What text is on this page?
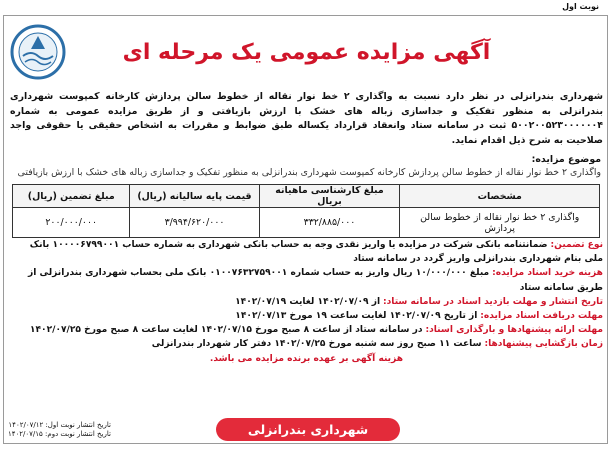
نوبت اول
آگهی مزایده عمومی یک مرحله ای
شهرداری بندرانزلی در نظر دارد نسبت به واگذاری ۲ خط نوار نقاله از خطوط سالن پردازش کارخانه کمپوست شهرداری بندرانزلی به منظور تفکیک و جداسازی زباله های خشک با ارزش بازیافتی و از طریق مزایده عمومی به شماره ۵۰۰۲۰۰۵۲۳۰۰۰۰۰۰۴ ثبت در سامانه ستاد وانعقاد قرارداد یکساله طبق ضوابط و مقررات به اشخاص حقیقی یا حقوقی واجد صلاحیت به شرح ذیل اقدام نماید.
موضوع مزایده:
واگذاری ۲ خط نوار نقاله از خطوط سالن پردازش کارخانه کمپوست شهرداری بندرانزلی به منظور تفکیک و جداسازی زباله های خشک با ارزش بازیافتی
مشخصات	مبلغ کارشناسی ماهیانه بریال	قیمت پایه سالیانه (ریال)	مبلغ تضمین (ریال)
واگذاری ۲ خط نوار نقاله از خطوط سالن پردازش	۳۳۲/۸۸۵/۰۰۰	۳/۹۹۴/۶۲۰/۰۰۰	۲۰۰/۰۰۰/۰۰۰

نوع تضمین: ضمانتنامه بانکی شرکت در مزایده یا واریز نقدی وجه به حساب بانکی شهرداری به شماره حساب ۱۰۰۰۰۶۷۹۹۰۰۱ بانک ملی بنام شهرداری بندرانزلی واریز گردد در سامانه ستاد

هزینه خرید اسناد مزایده: مبلغ ۱۰/۰۰۰/۰۰۰ ریال واریز به حساب شماره ۰۱۰۰۷۶۳۲۷۵۹۰۰۱ بانک ملی بحساب شهرداری بندرانزلی از طریق سامانه ستاد

تاریخ انتشار و مهلت بازدید اسناد در سامانه ستاد: از ۱۴۰۲/۰۷/۰۹ لغایت ۱۴۰۲/۰۷/۱۹

مهلت دریافت اسناد مزایده: از تاریخ ۱۴۰۲/۰۷/۰۹ لغایت ساعت ۱۹ مورخ ۱۴۰۲/۰۷/۱۳

مهلت ارائه پیشنهادها و بارگذاری اسناد: در سامانه ستاد از ساعت ۸ صبح مورخ ۱۴۰۲/۰۷/۱۵ لغایت ساعت ۸ صبح مورخ ۱۴۰۲/۰۷/۲۵

زمان بازگشایی پیشنهادها: ساعت ۱۱ صبح روز سه شنبه مورخ ۱۴۰۲/۰۷/۲۵ دفتر کار شهردار بندرانزلی

هزینه آگهی بر عهده برنده مزایده می باشد.

شهرداری بندرانزلی
تاریخ انتشار نوبت اول: ۱۴۰۲/۰۷/۱۲
تاریخ انتشار نوبت دوم: ۱۴۰۲/۰۷/۱۵
